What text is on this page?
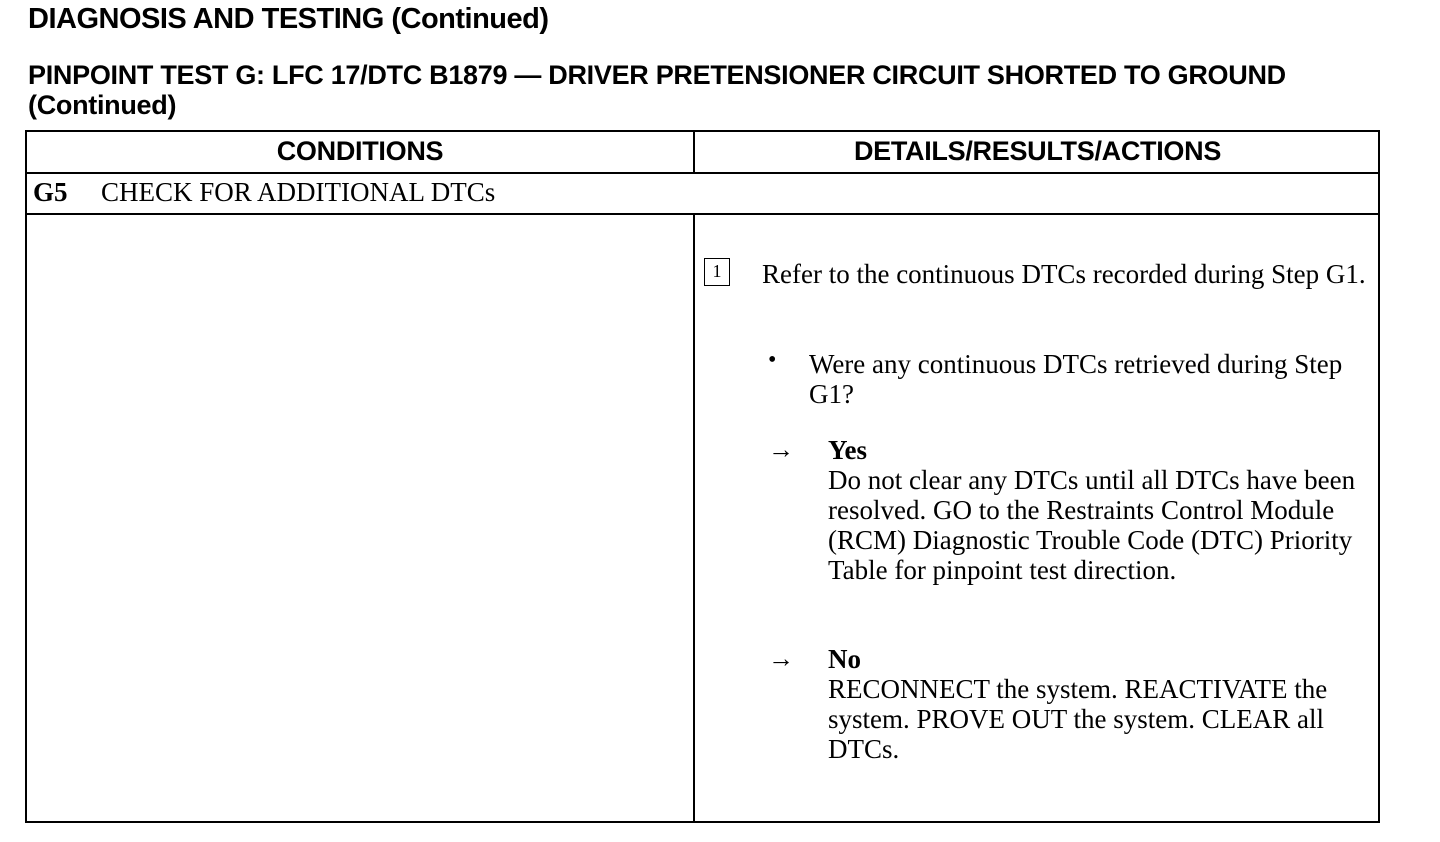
DIAGNOSIS AND TESTING (Continued)
PINPOINT TEST G: LFC 17/DTC B1879 — DRIVER PRETENSIONER CIRCUIT SHORTED TO GROUND (Continued)
CONDITIONS	DETAILS/RESULTS/ACTIONS
G5 CHECK FOR ADDITIONAL DTCs
1	Refer to the continuous DTCs recorded during Step G1.
• Were any continuous DTCs retrieved during Step G1?
→ Yes
Do not clear any DTCs until all DTCs have been resolved. GO to the Restraints Control Module (RCM) Diagnostic Trouble Code (DTC) Priority Table for pinpoint test direction.
→ No
RECONNECT the system. REACTIVATE the system. PROVE OUT the system. CLEAR all DTCs.
